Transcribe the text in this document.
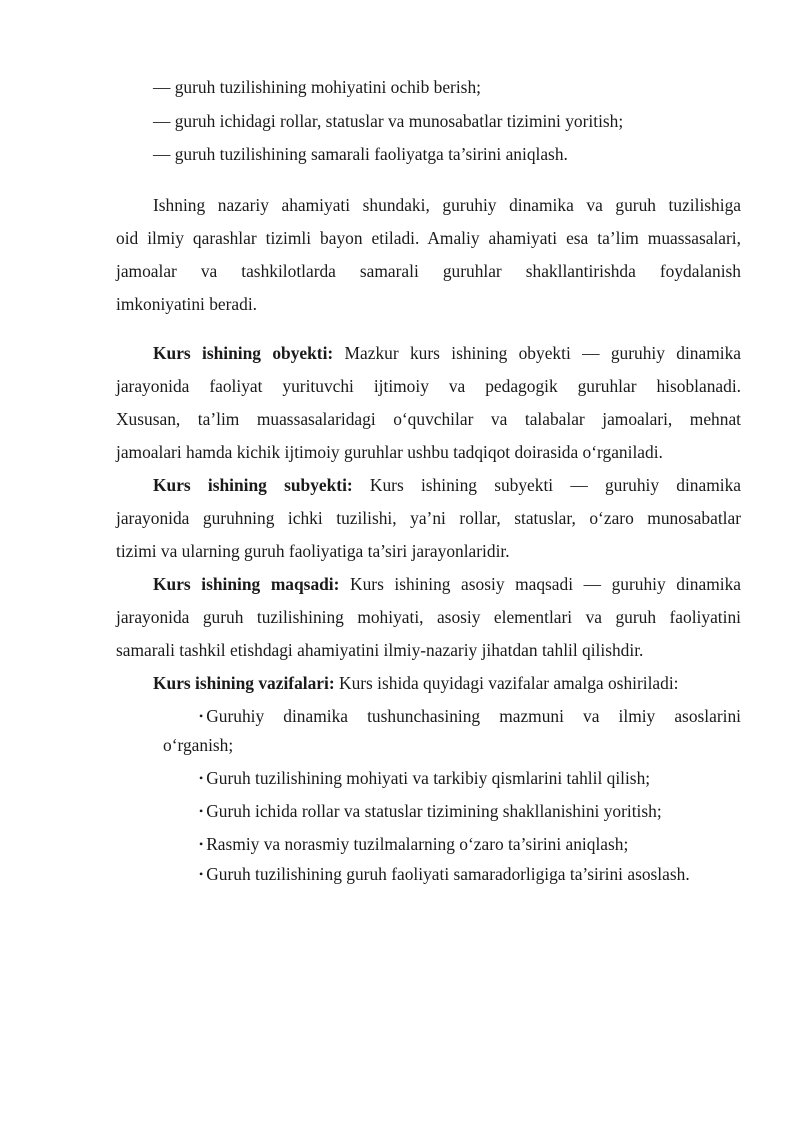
— guruh tuzilishining mohiyatini ochib berish;
— guruh ichidagi rollar, statuslar va munosabatlar tizimini yoritish;
— guruh tuzilishining samarali faoliyatga ta’sirini aniqlash.
Ishning nazariy ahamiyati shundaki, guruhiy dinamika va guruh tuzilishiga
oid ilmiy qarashlar tizimli bayon etiladi. Amaliy ahamiyati esa ta’lim muassasalari,
jamoalar va tashkilotlarda samarali guruhlar shakllantirishda foydalanish
imkoniyatini beradi.
Kurs ishining obyekti: Mazkur kurs ishining obyekti — guruhiy dinamika
jarayonida faoliyat yurituvchi ijtimoiy va pedagogik guruhlar hisoblanadi.
Xususan, ta’lim muassasalaridagi o‘quvchilar va talabalar jamoalari, mehnat
jamoalari hamda kichik ijtimoiy guruhlar ushbu tadqiqot doirasida o‘rganiladi.
Kurs ishining subyekti: Kurs ishining subyekti — guruhiy dinamika
jarayonida guruhning ichki tuzilishi, ya’ni rollar, statuslar, o‘zaro munosabatlar
tizimi va ularning guruh faoliyatiga ta’siri jarayonlaridir.
Kurs ishining maqsadi: Kurs ishining asosiy maqsadi — guruhiy dinamika
jarayonida guruh tuzilishining mohiyati, asosiy elementlari va guruh faoliyatini
samarali tashkil etishdagi ahamiyatini ilmiy-nazariy jihatdan tahlil qilishdir.
Kurs ishining vazifalari: Kurs ishida quyidagi vazifalar amalga oshiriladi:
• Guruhiy dinamika tushunchasining mazmuni va ilmiy asoslarini
o‘rganish;
• Guruh tuzilishining mohiyati va tarkibiy qismlarini tahlil qilish;
• Guruh ichida rollar va statuslar tizimining shakllanishini yoritish;
• Rasmiy va norasmiy tuzilmalarning o‘zaro ta’sirini aniqlash;
• Guruh tuzilishining guruh faoliyati samaradorligiga ta’sirini asoslash.
